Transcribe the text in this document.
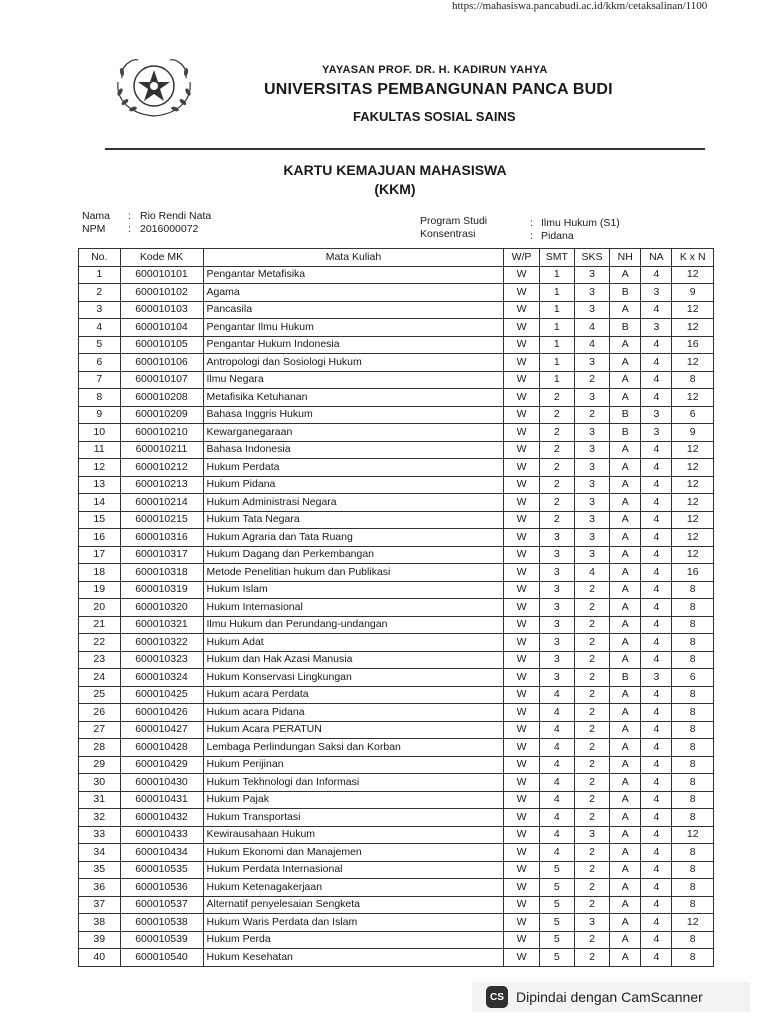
https://mahasiswa.pancabudi.ac.id/kkm/cetaksalinan/1100
YAYASAN PROF. DR. H. KADIRUN YAHYA
UNIVERSITAS PEMBANGUNAN PANCA BUDI
FAKULTAS SOSIAL SAINS
KARTU KEMAJUAN MAHASISWA
(KKM)
Nama : Rio Rendi Nata
NPM : 2016000072
Program Studi	: Ilmu Hukum (S1)
Konsentrasi	: Pidana
No.	Kode MK	Mata Kuliah	W/P	SMT	SKS	NH	NA	K x N
1	600010101	Pengantar Metafisika	W	1	3	A	4	12
2	600010102	Agama	W	1	3	B	3	9
3	600010103	Pancasila	W	1	3	A	4	12
4	600010104	Pengantar Ilmu Hukum	W	1	4	B	3	12
5	600010105	Pengantar Hukum Indonesia	W	1	4	A	4	16
6	600010106	Antropologi dan Sosiologi Hukum	W	1	3	A	4	12
7	600010107	Ilmu Negara	W	1	2	A	4	8
8	600010208	Metafisika Ketuhanan	W	2	3	A	4	12
9	600010209	Bahasa Inggris Hukum	W	2	2	B	3	6
10	600010210	Kewarganegaraan	W	2	3	B	3	9
11	600010211	Bahasa Indonesia	W	2	3	A	4	12
12	600010212	Hukum Perdata	W	2	3	A	4	12
13	600010213	Hukum Pidana	W	2	3	A	4	12
14	600010214	Hukum Administrasi Negara	W	2	3	A	4	12
15	600010215	Hukum Tata Negara	W	2	3	A	4	12
16	600010316	Hukum Agraria dan Tata Ruang	W	3	3	A	4	12
17	600010317	Hukum Dagang dan Perkembangan	W	3	3	A	4	12
18	600010318	Metode Penelitian hukum dan Publikasi	W	3	4	A	4	16
19	600010319	Hukum Islam	W	3	2	A	4	8
20	600010320	Hukum Internasional	W	3	2	A	4	8
21	600010321	Ilmu Hukum dan Perundang-undangan	W	3	2	A	4	8
22	600010322	Hukum Adat	W	3	2	A	4	8
23	600010323	Hukum dan Hak Azasi Manusia	W	3	2	A	4	8
24	600010324	Hukum Konservasi Lingkungan	W	3	2	B	3	6
25	600010425	Hukum acara Perdata	W	4	2	A	4	8
26	600010426	Hukum acara Pidana	W	4	2	A	4	8
27	600010427	Hukum Acara PERATUN	W	4	2	A	4	8
28	600010428	Lembaga Perlindungan Saksi dan Korban	W	4	2	A	4	8
29	600010429	Hukum Perijinan	W	4	2	A	4	8
30	600010430	Hukum Tekhnologi dan Informasi	W	4	2	A	4	8
31	600010431	Hukum Pajak	W	4	2	A	4	8
32	600010432	Hukum Transportasi	W	4	2	A	4	8
33	600010433	Kewirausahaan Hukum	W	4	3	A	4	12
34	600010434	Hukum Ekonomi dan Manajemen	W	4	2	A	4	8
35	600010535	Hukum Perdata Internasional	W	5	2	A	4	8
36	600010536	Hukum Ketenagakerjaan	W	5	2	A	4	8
37	600010537	Alternatif penyelesaian Sengketa	W	5	2	A	4	8
38	600010538	Hukum Waris Perdata dan Islam	W	5	3	A	4	12
39	600010539	Hukum Perda	W	5	2	A	4	8
40	600010540	Hukum Kesehatan	W	5	2	A	4	8
CS Dipindai dengan CamScanner
